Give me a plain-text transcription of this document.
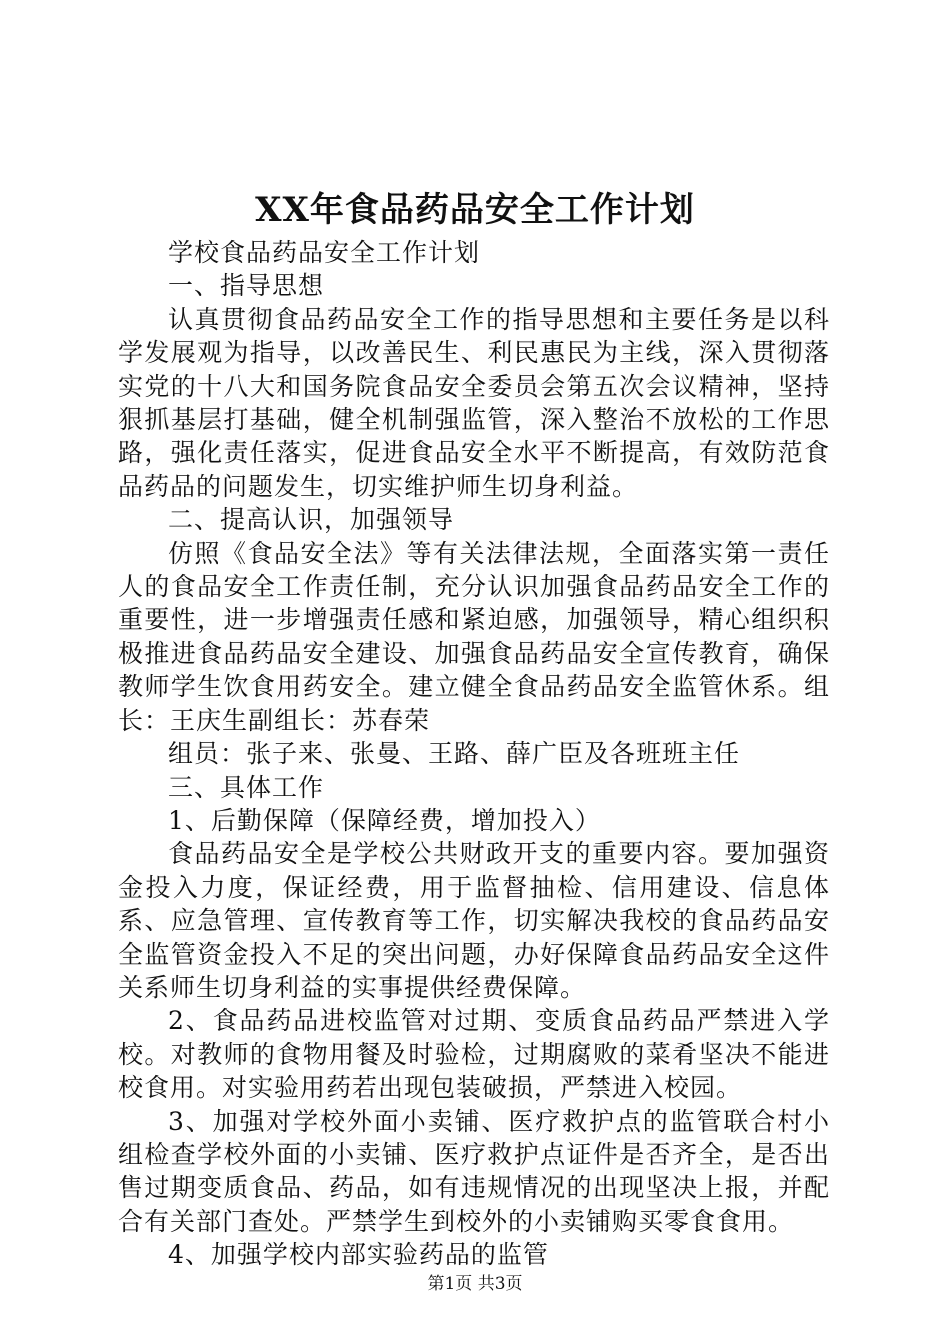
XX年食品药品安全工作计划

学校食品药品安全工作计划

一、指导思想

认真贯彻食品药品安全工作的指导思想和主要任务是以科学发展观为指导，以改善民生、利民惠民为主线，深入贯彻落实党的十八大和国务院食品安全委员会第五次会议精神，坚持狠抓基层打基础，健全机制强监管，深入整治不放松的工作思路，强化责任落实，促进食品安全水平不断提高，有效防范食品药品的问题发生，切实维护师生切身利益。

二、提高认识，加强领导

仿照《食品安全法》等有关法律法规，全面落实第一责任人的食品安全工作责任制，充分认识加强食品药品安全工作的重要性，进一步增强责任感和紧迫感，加强领导，精心组织积极推进食品药品安全建设、加强食品药品安全宣传教育，确保教师学生饮食用药安全。建立健全食品药品安全监管休系。组长：王庆生副组长：苏春荣

组员：张子来、张曼、王路、薛广臣及各班班主任

三、具体工作

1、后勤保障（保障经费，增加投入）

食品药品安全是学校公共财政开支的重要内容。要加强资金投入力度，保证经费，用于监督抽检、信用建设、信息体系、应急管理、宣传教育等工作，切实解决我校的食品药品安全监管资金投入不足的突出问题，办好保障食品药品安全这件关系师生切身利益的实事提供经费保障。

2、食品药品进校监管对过期、变质食品药品严禁进入学校。对教师的食物用餐及时验检，过期腐败的菜肴坚决不能进校食用。对实验用药若出现包装破损，严禁进入校园。

3、加强对学校外面小卖铺、医疗救护点的监管联合村小组检查学校外面的小卖铺、医疗救护点证件是否齐全，是否出售过期变质食品、药品，如有违规情况的出现坚决上报，并配合有关部门查处。严禁学生到校外的小卖铺购买零食食用。

4、加强学校内部实验药品的监管

第1页 共3页
